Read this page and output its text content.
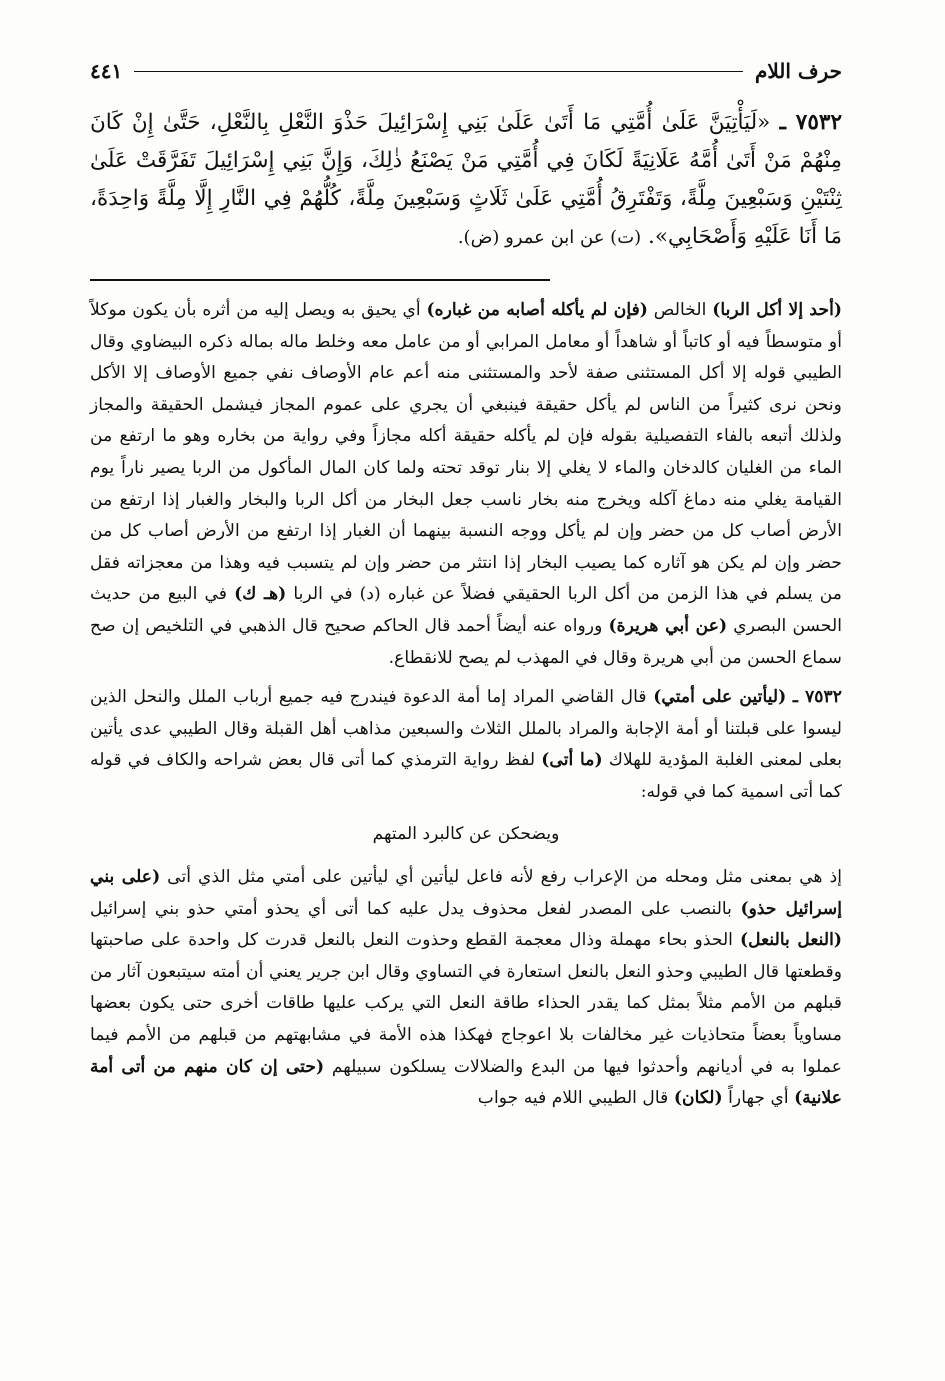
حرف اللام
٤٤١
٧٥٣٢ ـ «لَيَأْتِيَنَّ عَلَىٰ أُمَّتِي مَا أَتَىٰ عَلَىٰ بَنِي إِسْرَائِيلَ حَذْوَ النَّعْلِ بِالنَّعْلِ، حَتَّىٰ إِنْ كَانَ مِنْهُمْ مَنْ أَتَىٰ أُمَّهُ عَلَانِيَةً لَكَانَ فِي أُمَّتِي مَنْ يَصْنَعُ ذٰلِكَ، وَإِنَّ بَنِي إِسْرَائِيلَ تَفَرَّقَتْ عَلَىٰ ثِنْتَيْنِ وَسَبْعِينَ مِلَّةً، وَتَفْتَرِقُ أُمَّتِي عَلَىٰ ثَلَاثٍ وَسَبْعِينَ مِلَّةً، كُلُّهُمْ فِي النَّارِ إِلَّا مِلَّةً وَاحِدَةً، مَا أَنَا عَلَيْهِ وَأَصْحَابِي». (ت) عن ابن عمرو (ض).

(أحد إلا أكل الربا) الخالص (فإن لم يأكله أصابه من غباره) أي يحيق به ويصل إليه من أثره بأن يكون موكلاً أو متوسطاً فيه أو كاتباً أو شاهداً أو معامل المرابي أو من عامل معه وخلط ماله بماله ذكره البيضاوي وقال الطيبي قوله إلا أكل المستثنى صفة لأحد والمستثنى منه أعم عام الأوصاف نفي جميع الأوصاف إلا الأكل ونحن نرى كثيراً من الناس لم يأكل حقيقة فينبغي أن يجري على عموم المجاز فيشمل الحقيقة والمجاز ولذلك أتبعه بالفاء التفصيلية بقوله فإن لم يأكله حقيقة أكله مجازاً وفي رواية من بخاره وهو ما ارتفع من الماء من الغليان كالدخان والماء لا يغلي إلا بنار توقد تحته ولما كان المال المأكول من الربا يصير ناراً يوم القيامة يغلي منه دماغ آكله ويخرج منه بخار ناسب جعل البخار من أكل الربا والبخار والغبار إذا ارتفع من الأرض أصاب كل من حضر وإن لم يأكل ووجه النسبة بينهما أن الغبار إذا ارتفع من الأرض أصاب كل من حضر وإن لم يكن هو آثاره كما يصيب البخار إذا انتثر من حضر وإن لم يتسبب فيه وهذا من معجزاته فقل من يسلم في هذا الزمن من أكل الربا الحقيقي فضلاً عن غباره (د) في الربا (هـ ك) في البيع من حديث الحسن البصري (عن أبي هريرة) ورواه عنه أيضاً أحمد قال الحاكم صحيح قال الذهبي في التلخيص إن صح سماع الحسن من أبي هريرة وقال في المهذب لم يصح للانقطاع.

٧٥٣٢ ـ (ليأتين على أمتي) قال القاضي المراد إما أمة الدعوة فيندرج فيه جميع أرباب الملل والنحل الذين ليسوا على قبلتنا أو أمة الإجابة والمراد بالملل الثلاث والسبعين مذاهب أهل القبلة وقال الطيبي عدى يأتين بعلى لمعنى الغلبة المؤدية للهلاك (ما أتى) لفظ رواية الترمذي كما أتى قال بعض شراحه والكاف في قوله كما أتى اسمية كما في قوله:

ويضحكن عن كالبرد المتهم

إذ هي بمعنى مثل ومحله من الإعراب رفع لأنه فاعل ليأتين أي ليأتين على أمتي مثل الذي أتى (على بني إسرائيل حذو) بالنصب على المصدر لفعل محذوف يدل عليه كما أتى أي يحذو أمتي حذو بني إسرائيل (النعل بالنعل) الحذو بحاء مهملة وذال معجمة القطع وحذوت النعل بالنعل قدرت كل واحدة على صاحبتها وقطعتها قال الطيبي وحذو النعل بالنعل استعارة في التساوي وقال ابن جرير يعني أن أمته سيتبعون آثار من قبلهم من الأمم مثلاً بمثل كما يقدر الحذاء طاقة النعل التي يركب عليها طاقات أخرى حتى يكون بعضها مساوياً بعضاً متحاذيات غير مخالفات بلا اعوجاج فهكذا هذه الأمة في مشابهتهم من قبلهم من الأمم فيما عملوا به في أديانهم وأحدثوا فيها من البدع والضلالات يسلكون سبيلهم (حتى إن كان منهم من أتى أمة علانية) أي جهاراً (لكان) قال الطيبي اللام فيه جواب
